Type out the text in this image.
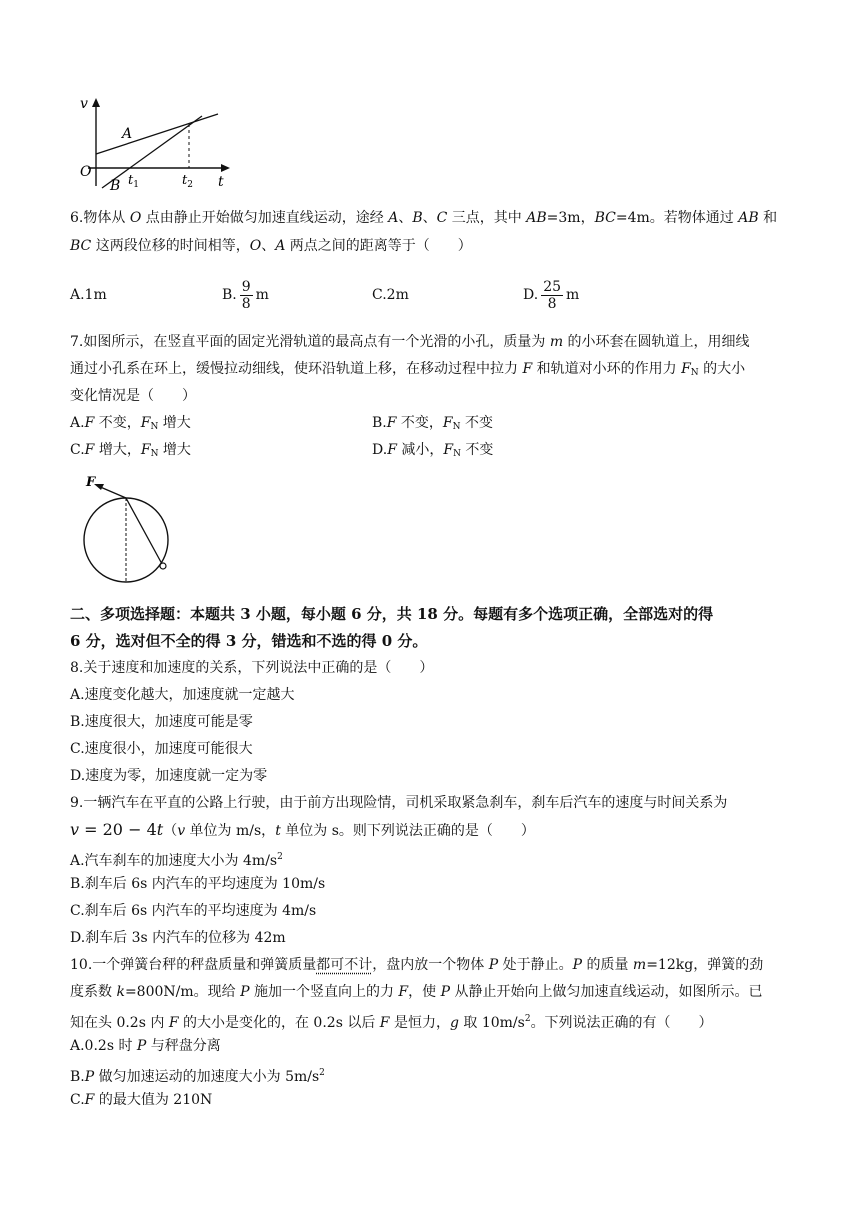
v
O
A
B $t_1$	$t_2$ t
6.物体从 O 点由静止开始做匀加速直线运动，途经 A、B、C 三点，其中 AB=3m，BC=4m。若物体通过 AB 和
BC 这两段位移的时间相等，O、A 两点之间的距离等于（　　）
A.1m	B. $\frac{9}{8}$ m	C.2m	D. $\frac{25}{8}$ m
7.如图所示，在竖直平面的固定光滑轨道的最高点有一个光滑的小孔，质量为 m 的小环套在圆轨道上，用细线
通过小孔系在环上，缓慢拉动细线，使环沿轨道上移，在移动过程中拉力 F 和轨道对小环的作用力 $F_N$ 的大小
变化情况是（　　）
A.F 不变，$F_N$ 增大	B.F 不变，$F_N$ 不变
C.F 增大，$F_N$ 增大	D.F 减小，$F_N$ 不变
F
二、多项选择题：本题共 3 小题，每小题 6 分，共 18 分。每题有多个选项正确，全部选对的得
6 分，选对但不全的得 3 分，错选和不选的得 0 分。
8.关于速度和加速度的关系，下列说法中正确的是（　　）
A.速度变化越大，加速度就一定越大
B.速度很大，加速度可能是零
C.速度很小，加速度可能很大
D.速度为零，加速度就一定为零
9.一辆汽车在平直的公路上行驶，由于前方出现险情，司机采取紧急刹车，刹车后汽车的速度与时间关系为
v = 20 − 4t（v 单位为 m/s，t 单位为 s。则下列说法正确的是（　　）
A.汽车刹车的加速度大小为 $4m/s^2$
B.刹车后 6s 内汽车的平均速度为 10m/s
C.刹车后 6s 内汽车的平均速度为 4m/s
D.刹车后 3s 内汽车的位移为 42m
10.一个弹簧台秤的秤盘质量和弹簧质量都可不计，盘内放一个物体 P 处于静止。P 的质量 m=12kg，弹簧的劲
度系数 k=800N/m。现给 P 施加一个竖直向上的力 F，使 P 从静止开始向上做匀加速直线运动，如图所示。已
知在头 0.2s 内 F 的大小是变化的，在 0.2s 以后 F 是恒力，g 取 $10m/s^2$。下列说法正确的有（　　）
A.0.2s 时 P 与秤盘分离
B.P 做匀加速运动的加速度大小为 $5m/s^2$
C.F 的最大值为 210N
